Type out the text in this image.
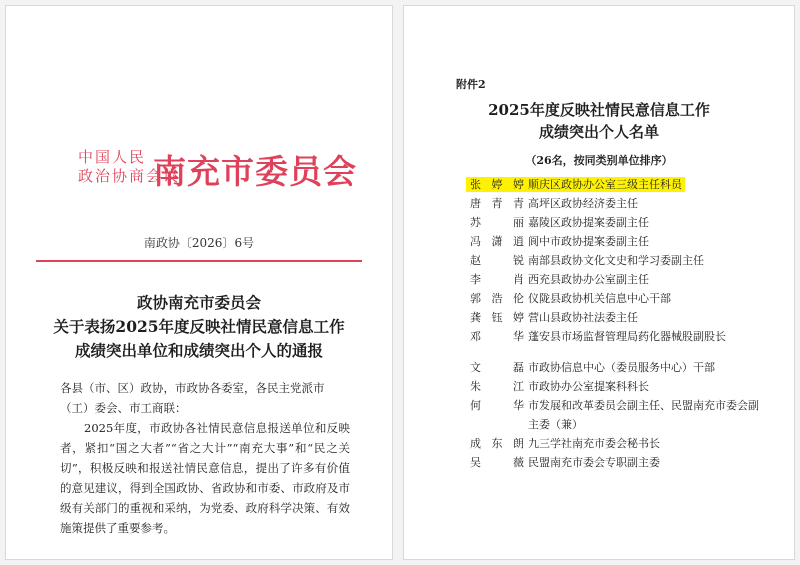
中国人民
政治协商会议
南充市委员会
南政协〔2026〕6号
政协南充市委员会
关于表扬2025年度反映社情民意信息工作
成绩突出单位和成绩突出个人的通报
各县（市、区）政协，市政协各委室，各民主党派市（工）委会、市工商联：
2025年度，市政协各社情民意信息报送单位和反映者，紧扣“国之大者”“省之大计”“南充大事”和“民之关切”，积极反映和报送社情民意信息，提出了许多有价值的意见建议，得到全国政协、省政协和市委、市政府及市级有关部门的重视和采纳，为党委、政府科学决策、有效施策提供了重要参考。
附件2
2025年度反映社情民意信息工作
成绩突出个人名单
（26名，按同类别单位排序）
张婷婷 顺庆区政协办公室三级主任科员
唐青青 高坪区政协经济委主任
苏丽 嘉陵区政协提案委副主任
冯潇逍 阆中市政协提案委副主任
赵锐 南部县政协文化文史和学习委副主任
李肖 西充县政协办公室副主任
郭浩伦 仪陇县政协机关信息中心干部
龚钰婷 营山县政协社法委主任
邓华 蓬安县市场监督管理局药化器械股副股长
文磊 市政协信息中心（委员服务中心）干部
朱江 市政协办公室提案科科长
何华 市发展和改革委员会副主任、民盟南充市委会副
主委（兼）
成东朗 九三学社南充市委会秘书长
吴薇 民盟南充市委会专职副主委
